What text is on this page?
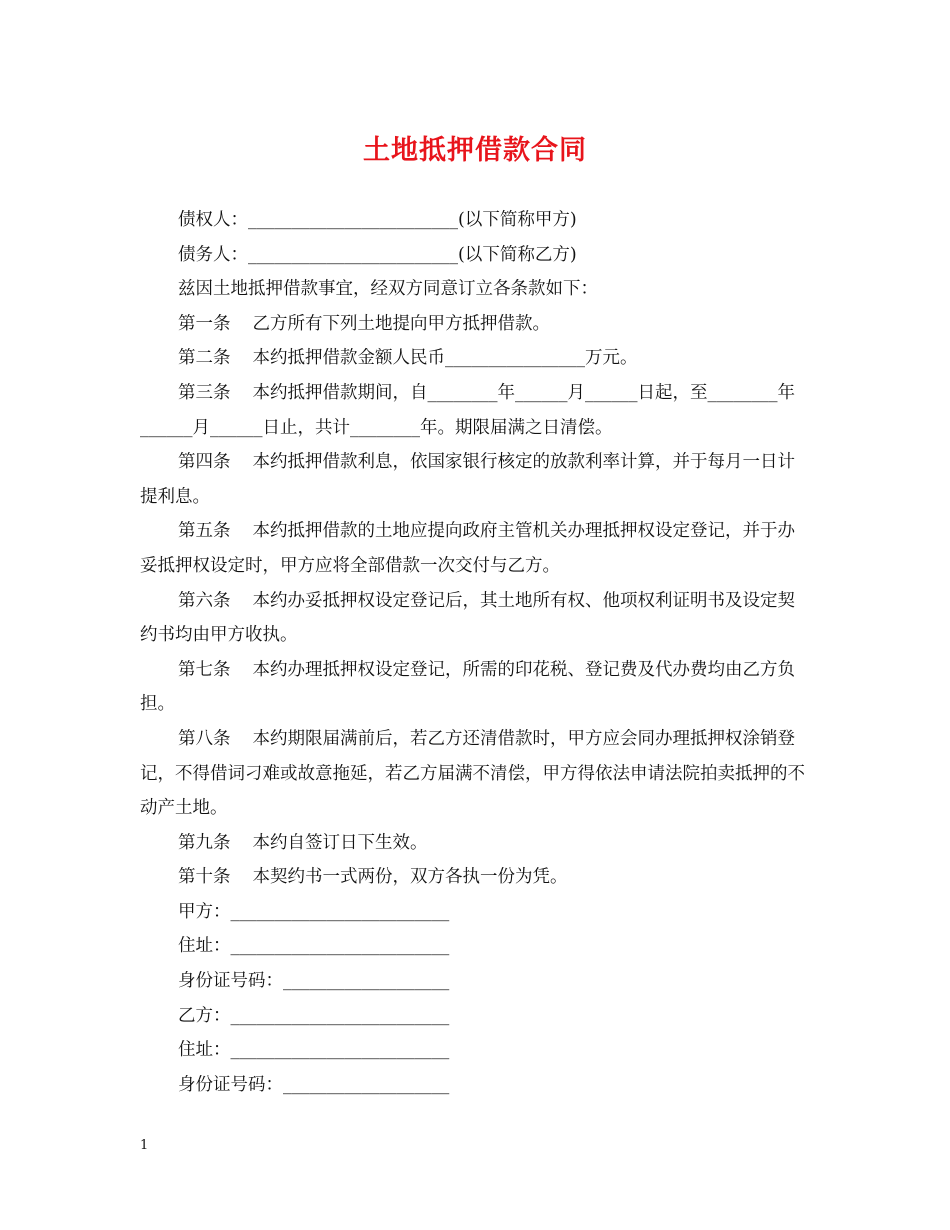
土地抵押借款合同

债权人：________________________(以下简称甲方)

债务人：________________________(以下简称乙方)

兹因土地抵押借款事宜，经双方同意订立各条款如下：

第一条 乙方所有下列土地提向甲方抵押借款。

第二条 本约抵押借款金额人民币________________万元。

第三条 本约抵押借款期间，自________年______月______日起，至________年______月______日止，共计________年。期限届满之日清偿。

第四条 本约抵押借款利息，依国家银行核定的放款利率计算，并于每月一日计提利息。

第五条 本约抵押借款的土地应提向政府主管机关办理抵押权设定登记，并于办妥抵押权设定时，甲方应将全部借款一次交付与乙方。

第六条 本约办妥抵押权设定登记后，其土地所有权、他项权利证明书及设定契约书均由甲方收执。

第七条 本约办理抵押权设定登记，所需的印花税、登记费及代办费均由乙方负担。

第八条 本约期限届满前后，若乙方还清借款时，甲方应会同办理抵押权涂销登记，不得借词刁难或故意拖延，若乙方届满不清偿，甲方得依法申请法院拍卖抵押的不动产土地。

第九条 本约自签订日下生效。

第十条 本契约书一式两份，双方各执一份为凭。

甲方：_________________________

住址：_________________________

身份证号码：___________________

乙方：_________________________

住址：_________________________

身份证号码：___________________

1
